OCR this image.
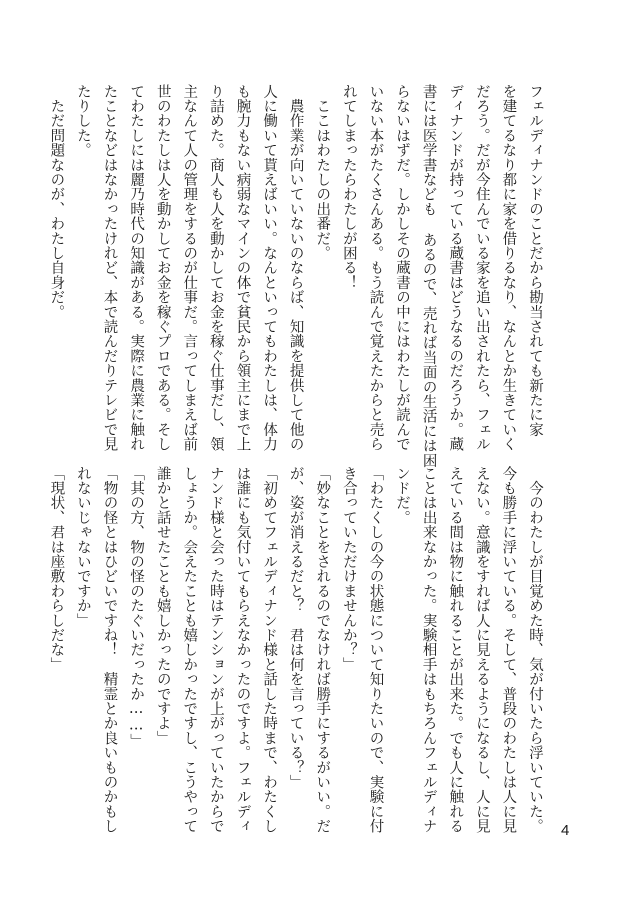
フェルディナンドのことだから勘当されても新たに家
を建てるなり都に家を借りるなり、なんとか生きていく
だろう。だが今住んでいる家を追い出されたら、フェル
ディナンドが持っている蔵書はどうなるのだろうか。蔵
書には医学書なども あるので、売れば当面の生活には困
らないはずだ。しかしその蔵書の中にはわたしが読んで
いない本がたくさんある。もう読んで覚えたからと売ら
れてしまったらわたしが困る！
　ここはわたしの出番だ。
　農作業が向いていないのならば、知識を提供して他の
人に働いて貰えばいい。なんといってもわたしは、体力
も腕力もない病弱なマインの体で貧民から領主にまで上
り詰めた。商人も人を動かしてお金を稼ぐ仕事だし、領
主なんて人の管理をするのが仕事だ。言ってしまえば前
世のわたしは人を動かしてお金を稼ぐプロである。そし
てわたしには麗乃時代の知識がある。実際に農業に触れ
たことなどはなかったけれど、本で読んだりテレビで見
たりした。
　ただ問題なのが、わたし自身だ。
　今のわたしが目覚めた時、気が付いたら浮いていた。
今も勝手に浮いている。そして、普段のわたしは人に見
えない。意識をすれば人に見えるようになるし、人に見
えている間は物に触れることが出来た。でも人に触れる
ことは出来なかった。実験相手はもちろんフェルディナ
ンドだ。
「わたくしの今の状態について知りたいので、実験に付
き合っていただけませんか？」
「妙なことをされるのでなければ勝手にするがいい。だ
が、姿が消えるだと？　君は何を言っている？」
「初めてフェルディナンド様と話した時まで、わたくし
は誰にも気付いてもらえなかったのですよ。フェルディ
ナンド様と会った時はテンションが上がっていたからで
しょうか。会えたことも嬉しかったですし、こうやって
誰かと話せたことも嬉しかったのですよ」
「其の方、物の怪のたぐいだったか……」
「物の怪とはひどいですね！　精霊とか良いものかもし
れないじゃないですか」
「現状、君は座敷わらしだな」
4
